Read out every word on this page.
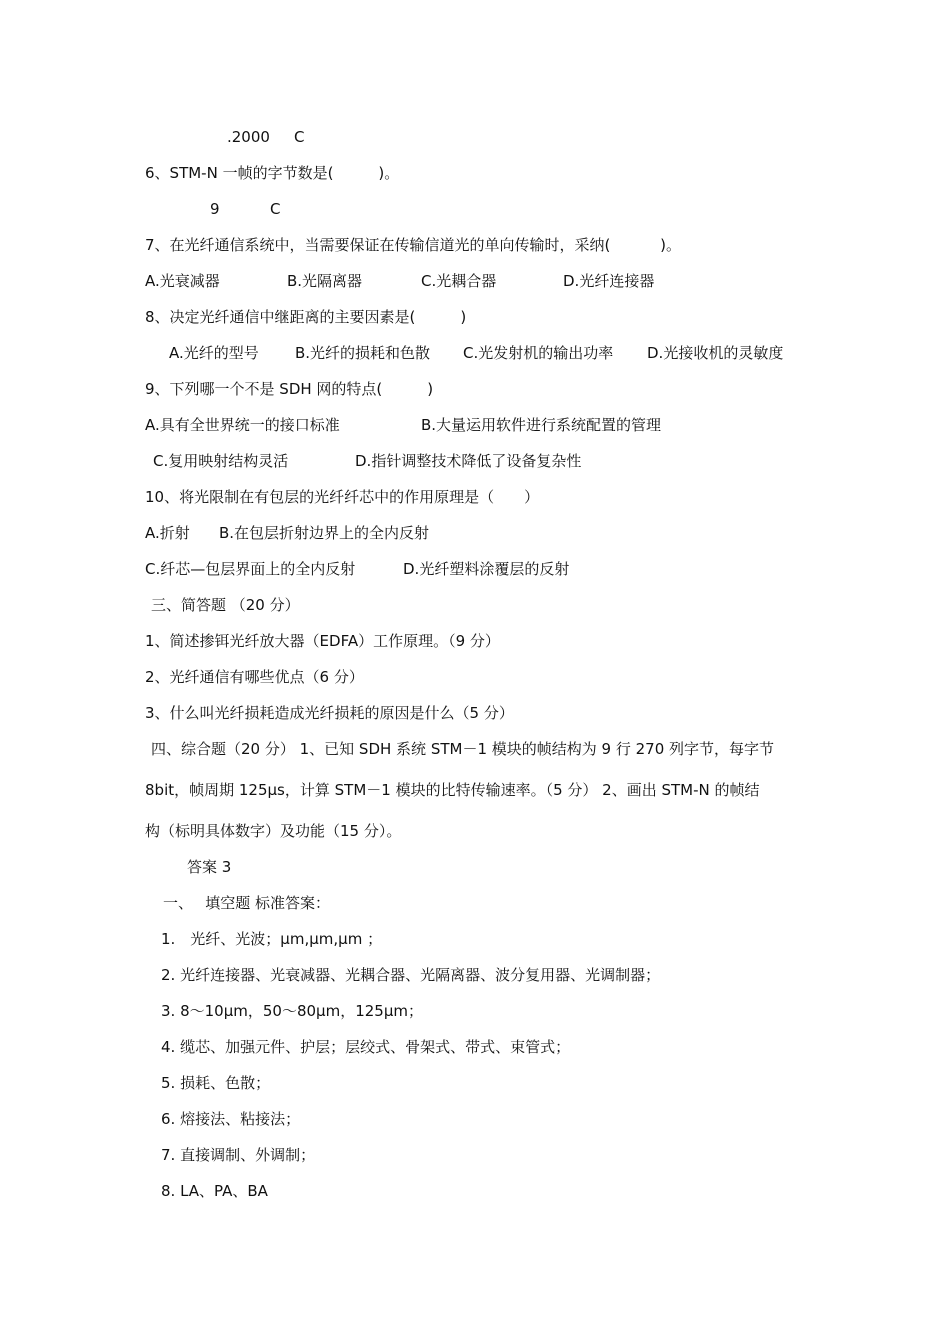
.2000 C
6、STM-N 一帧的字节数是(　　　)。
9	C
7、在光纤通信系统中，当需要保证在传输信道光的单向传输时，采纳(　　　 )。
A.光衰减器	B.光隔离器	C.光耦合器	D.光纤连接器
8、决定光纤通信中继距离的主要因素是(　　　)
A.光纤的型号 B.光纤的损耗和色散 C.光发射机的输出功率 D.光接收机的灵敏度
9、下列哪一个不是 SDH 网的特点(　　　)
A.具有全世界统一的接口标准	B.大量运用软件进行系统配置的管理
C.复用映射结构灵活	D.指针调整技术降低了设备复杂性
10、将光限制在有包层的光纤纤芯中的作用原理是（　　）
A.折射 B.在包层折射边界上的全内反射
C.纤芯—包层界面上的全内反射	D.光纤塑料涂覆层的反射
三、简答题 （20 分）
1、简述掺铒光纤放大器（EDFA）工作原理。（9 分）
2、光纤通信有哪些优点（6 分）
3、什么叫光纤损耗造成光纤损耗的原因是什么（5 分）
四、综合题（20 分） 1、已知 SDH 系统 STM－1 模块的帧结构为 9 行 270 列字节，每字节
8bit，帧周期 125μs，计算 STM－1 模块的比特传输速率。（5 分） 2、画出 STM-N 的帧结
构（标明具体数字）及功能（15 分）。
答案 3
一、　 填空题 标准答案：
1.　光纤、光波；μm,μm,μm ；
2. 光纤连接器、光衰减器、光耦合器、光隔离器、波分复用器、光调制器；
3. 8～10μm，50～80μm，125μm；
4. 缆芯、加强元件、护层；层绞式、骨架式、带式、束管式；
5. 损耗、色散；
6. 熔接法、粘接法；
7. 直接调制、外调制；
8. LA、PA、BA
